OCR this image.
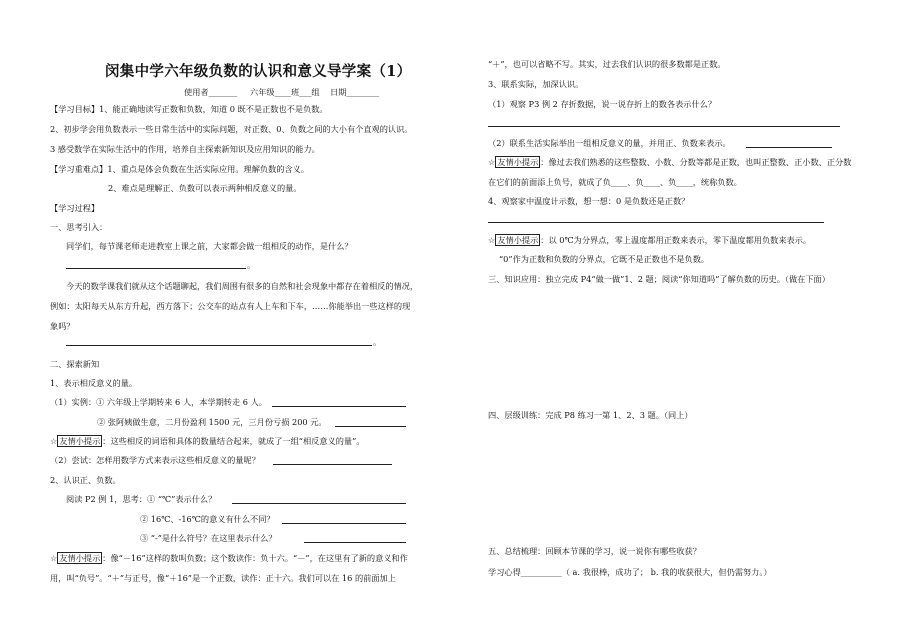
闵集中学六年级负数的认识和意义导学案（1）
使用者_______ 六年级____班___组 日期________
【学习目标】1、能正确地读写正数和负数，知道 0 既不是正数也不是负数。
2、初步学会用负数表示一些日常生活中的实际问题，对正数、0、负数之间的大小有个直观的认识。
3 感受数学在实际生活中的作用，培养自主探索新知识及应用知识的能力。
【学习重难点】1、重点是体会负数在生活实际应用。理解负数的含义。
2、难点是理解正、负数可以表示两种相反意义的量。
【学习过程】
一、思考引入：
同学们，每节课老师走进教室上课之前，大家都会做一组相反的动作，是什么？
。
今天的数学课我们就从这个话题聊起，我们周围有很多的自然和社会现象中都存在着相反的情况，
例如：太阳每天从东方升起，西方落下；公交车的站点有人上车和下车，……你能举出一些这样的现
象吗？
。
二、探索新知
1、表示相反意义的量。
（1）实例：① 六年级上学期转来 6 人，本学期转走 6 人。
② 张阿姨做生意，二月份盈利 1500 元，三月份亏损 200 元。
☆ 友情小提示 ：这些相反的词语和具体的数量结合起来，就成了一组“相反意义的量”。
（2）尝试：怎样用数学方式来表示这些相反意义的量呢？
2、认识正、负数。
阅读 P2 例 1，思考：① “℃”表示什么？
② 16℃、-16℃的意义有什么不同？
③ “-”是什么符号？在这里表示什么？
☆ 友情小提示 ：像“－16”这样的数叫负数；这个数读作：负十六。“－”，在这里有了新的意义和作
用，叫“负号”。“＋”与正号，像“＋16”是一个正数，读作：正十六。我们可以在 16 的前面加上
“＋”，也可以省略不写。其实，过去我们认识的很多数都是正数。
3、联系实际，加深认识。
（1）观察 P3 例 2 存折数据，说一说存折上的数各表示什么？
（2）联系生活实际举出一组相反意义的量，并用正、负数来表示。
☆ 友情小提示 ：像过去我们熟悉的这些整数、小数、分数等都是正数，也叫正整数、正小数、正分数
在它们的前面添上负号，就成了负____、负____、负____，统称负数。
4、观察家中温度计示数，想一想：0 是负数还是正数？
☆ 友情小提示 ：以 0℃为分界点，零上温度都用正数来表示，零下温度都用负数来表示。
“0”作为正数和负数的分界点，它既不是正数也不是负数。
三、知识应用：独立完成 P4“做一做”1、2 题；阅读“你知道吗”了解负数的历史。（做在下面）
四、层级训练：完成 P8 练习一第 1、2、3 题。（同上）
五、总结梳理：回顾本节课的学习，说一说你有哪些收获？
学习心得__________（ a. 我很棒，成功了； b. 我的收获很大，但仍需努力。）
